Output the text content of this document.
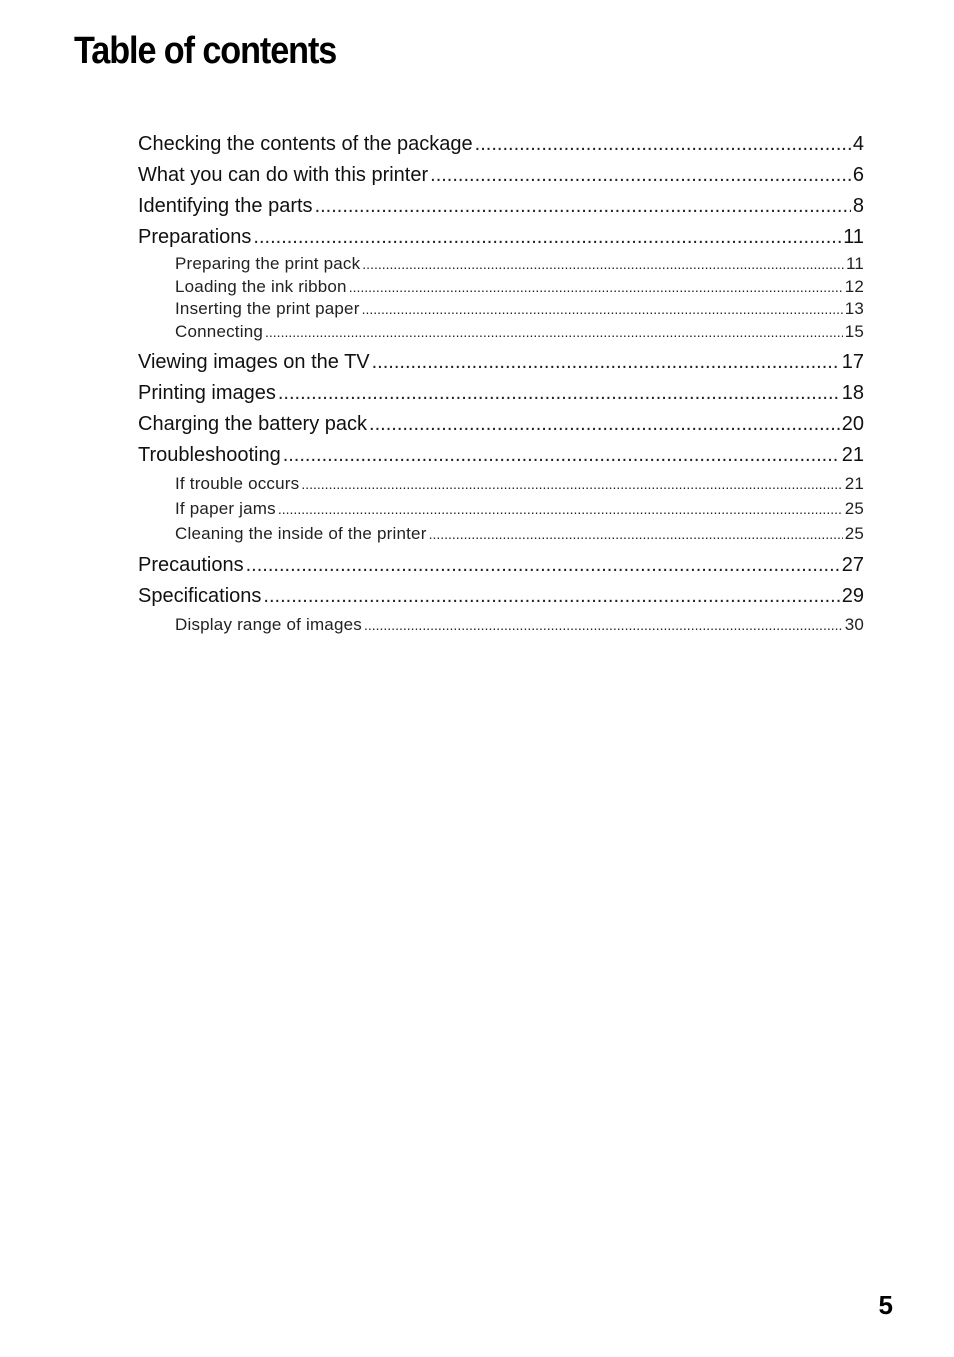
Table of contents
Checking the contents of the package .....	4
What you can do with this printer .....	6
Identifying the parts .....	8
Preparations .....	11
Preparing the print pack .....	11
Loading the ink ribbon .....	12
Inserting the print paper .....	13
Connecting .....	15
Viewing images on the TV .....	17
Printing images .....	18
Charging the battery pack .....	20
Troubleshooting .....	21
If trouble occurs .....	21
If paper jams .....	25
Cleaning the inside of the printer .....	25
Precautions .....	27
Specifications .....	29
Display range of images .....	30
5
